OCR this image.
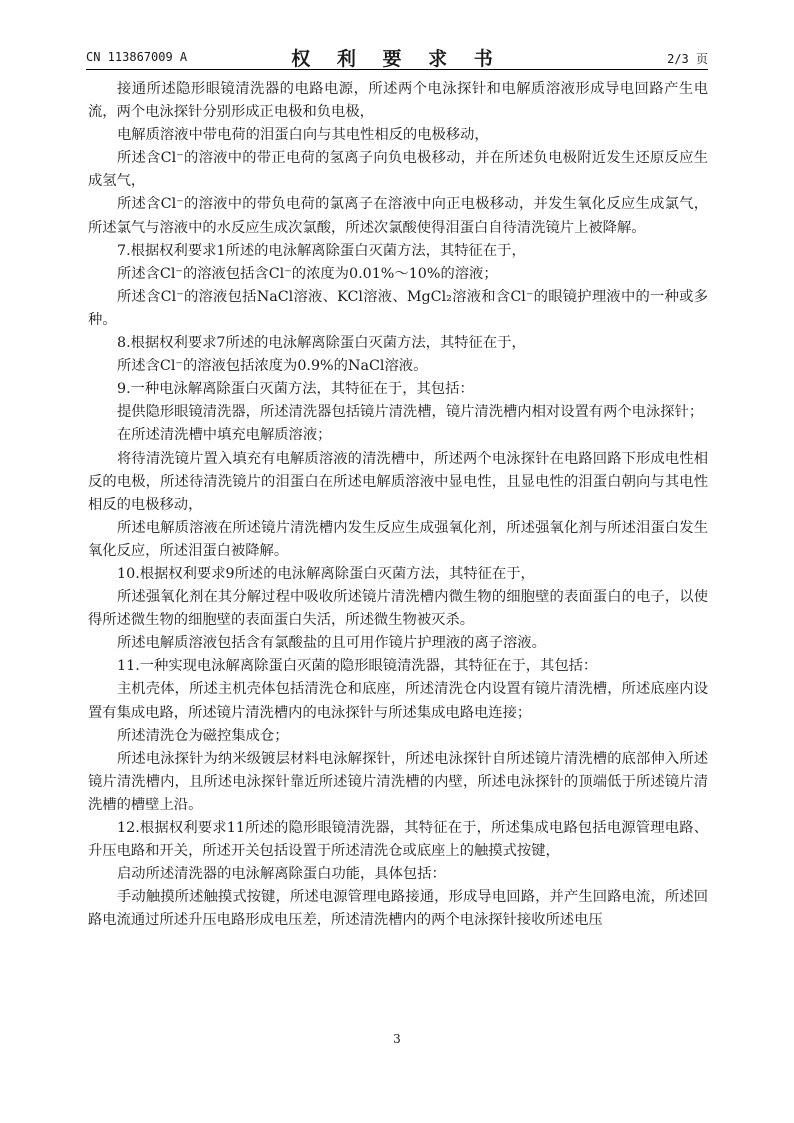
CN 113867009 A	权 利 要 求 书	2/3 页

接通所述隐形眼镜清洗器的电路电源，所述两个电泳探针和电解质溶液形成导电回路产生电流，两个电泳探针分别形成正电极和负电极，

电解质溶液中带电荷的泪蛋白向与其电性相反的电极移动，

所述含Cl⁻的溶液中的带正电荷的氢离子向负电极移动，并在所述负电极附近发生还原反应生成氢气，

所述含Cl⁻的溶液中的带负电荷的氯离子在溶液中向正电极移动，并发生氧化反应生成氯气，所述氯气与溶液中的水反应生成次氯酸，所述次氯酸使得泪蛋白自待清洗镜片上被降解。

7.根据权利要求1所述的电泳解离除蛋白灭菌方法，其特征在于，

所述含Cl⁻的溶液包括含Cl⁻的浓度为0.01%～10%的溶液；

所述含Cl⁻的溶液包括NaCl溶液、KCl溶液、MgCl₂溶液和含Cl⁻的眼镜护理液中的一种或多种。

8.根据权利要求7所述的电泳解离除蛋白灭菌方法，其特征在于，

所述含Cl⁻的溶液包括浓度为0.9%的NaCl溶液。

9.一种电泳解离除蛋白灭菌方法，其特征在于，其包括：

提供隐形眼镜清洗器，所述清洗器包括镜片清洗槽，镜片清洗槽内相对设置有两个电泳探针；

在所述清洗槽中填充电解质溶液；

将待清洗镜片置入填充有电解质溶液的清洗槽中，所述两个电泳探针在电路回路下形成电性相反的电极，所述待清洗镜片的泪蛋白在所述电解质溶液中显电性，且显电性的泪蛋白朝向与其电性相反的电极移动，

所述电解质溶液在所述镜片清洗槽内发生反应生成强氧化剂，所述强氧化剂与所述泪蛋白发生氧化反应，所述泪蛋白被降解。

10.根据权利要求9所述的电泳解离除蛋白灭菌方法，其特征在于，

所述强氧化剂在其分解过程中吸收所述镜片清洗槽内微生物的细胞壁的表面蛋白的电子，以使得所述微生物的细胞壁的表面蛋白失活，所述微生物被灭杀。

所述电解质溶液包括含有氯酸盐的且可用作镜片护理液的离子溶液。

11.一种实现电泳解离除蛋白灭菌的隐形眼镜清洗器，其特征在于，其包括：

主机壳体，所述主机壳体包括清洗仓和底座，所述清洗仓内设置有镜片清洗槽，所述底座内设置有集成电路，所述镜片清洗槽内的电泳探针与所述集成电路电连接；

所述清洗仓为磁控集成仓；

所述电泳探针为纳米级镀层材料电泳解探针，所述电泳探针自所述镜片清洗槽的底部伸入所述镜片清洗槽内，且所述电泳探针靠近所述镜片清洗槽的内壁，所述电泳探针的顶端低于所述镜片清洗槽的槽壁上沿。

12.根据权利要求11所述的隐形眼镜清洗器，其特征在于，所述集成电路包括电源管理电路、升压电路和开关，所述开关包括设置于所述清洗仓或底座上的触摸式按键，

启动所述清洗器的电泳解离除蛋白功能，具体包括：

手动触摸所述触摸式按键，所述电源管理电路接通，形成导电回路，并产生回路电流，所述回路电流通过所述升压电路形成电压差，所述清洗槽内的两个电泳探针接收所述电压

3
